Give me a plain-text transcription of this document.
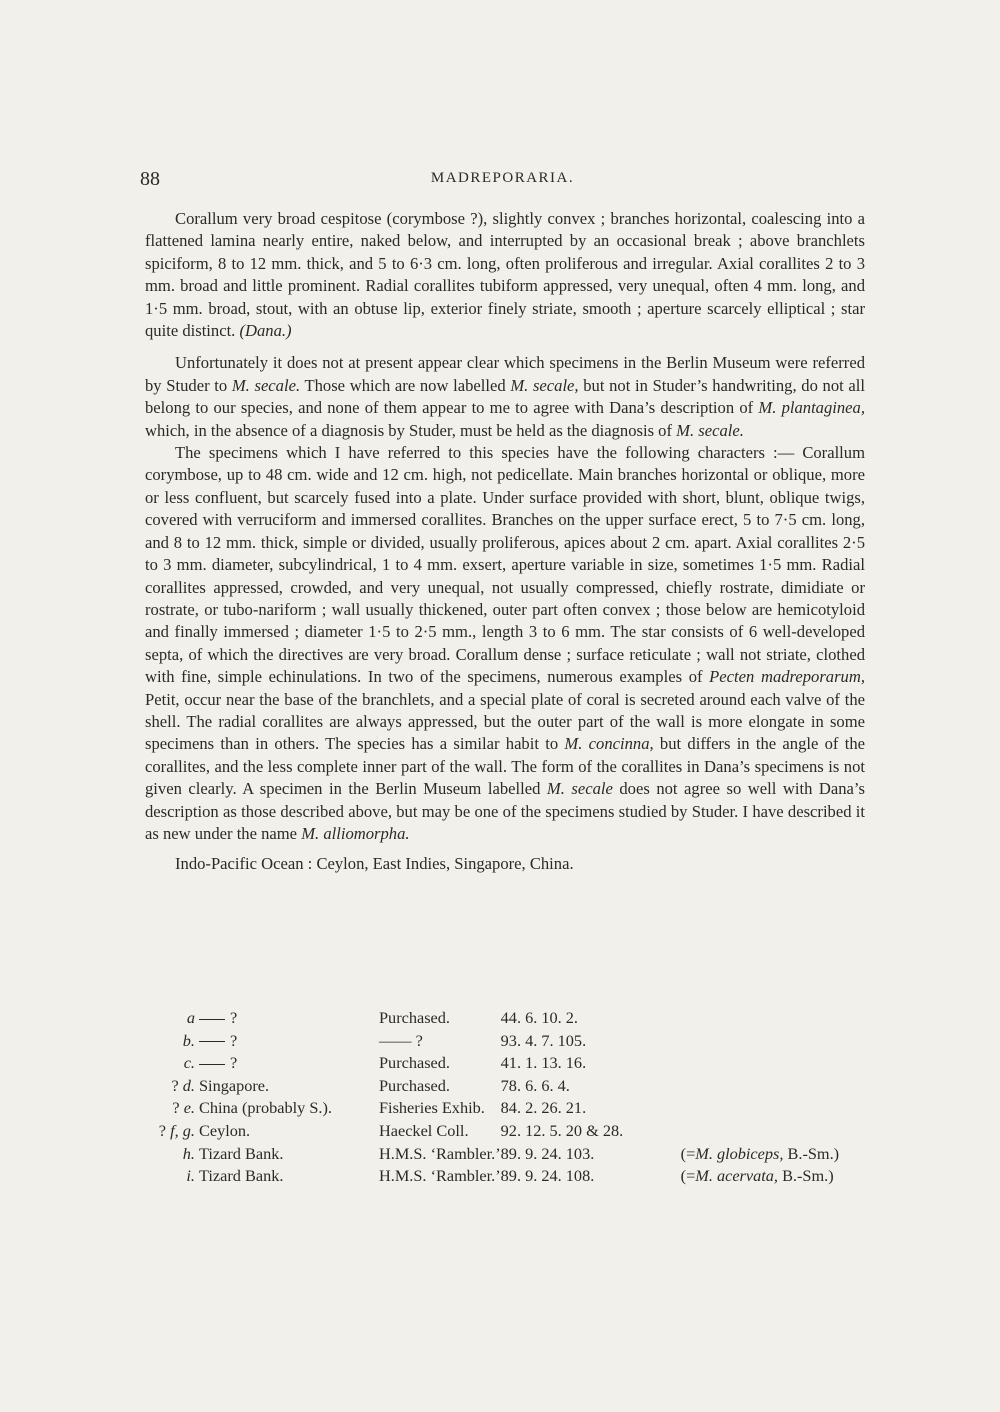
88	MADREPORARIA.

Corallum very broad cespitose (corymbose ?), slightly convex ; branches horizontal, coalescing into a flattened lamina nearly entire, naked below, and interrupted by an occasional break ; above branchlets spiciform, 8 to 12 mm. thick, and 5 to 6·3 cm. long, often proliferous and irregular. Axial corallites 2 to 3 mm. broad and little prominent. Radial corallites tubiform appressed, very unequal, often 4 mm. long, and 1·5 mm. broad, stout, with an obtuse lip, exterior finely striate, smooth ; aperture scarcely elliptical ; star quite distinct. (Dana.)

Unfortunately it does not at present appear clear which specimens in the Berlin Museum were referred by Studer to M. secale. Those which are now labelled M. secale, but not in Studer’s handwriting, do not all belong to our species, and none of them appear to me to agree with Dana’s description of M. plantaginea, which, in the absence of a diagnosis by Studer, must be held as the diagnosis of M. secale.

The specimens which I have referred to this species have the following characters :— Corallum corymbose, up to 48 cm. wide and 12 cm. high, not pedicellate. Main branches horizontal or oblique, more or less confluent, but scarcely fused into a plate. Under surface provided with short, blunt, oblique twigs, covered with verruciform and immersed corallites. Branches on the upper surface erect, 5 to 7·5 cm. long, and 8 to 12 mm. thick, simple or divided, usually proliferous, apices about 2 cm. apart. Axial corallites 2·5 to 3 mm. diameter, subcylindrical, 1 to 4 mm. exsert, aperture variable in size, sometimes 1·5 mm. Radial corallites appressed, crowded, and very unequal, not usually compressed, chiefly rostrate, dimidiate or rostrate, or tubo-nariform ; wall usually thickened, outer part often convex ; those below are hemicotyloid and finally immersed ; diameter 1·5 to 2·5 mm., length 3 to 6 mm. The star consists of 6 well-developed septa, of which the directives are very broad. Corallum dense ; surface reticulate ; wall not striate, clothed with fine, simple echinulations. In two of the specimens, numerous examples of Pecten madreporarum, Petit, occur near the base of the branchlets, and a special plate of coral is secreted around each valve of the shell. The radial corallites are always appressed, but the outer part of the wall is more elongate in some specimens than in others. The species has a similar habit to M. concinna, but differs in the angle of the corallites, and the less complete inner part of the wall. The form of the corallites in Dana’s specimens is not given clearly. A specimen in the Berlin Museum labelled M. secale does not agree so well with Dana’s description as those described above, but may be one of the specimens studied by Studer. I have described it as new under the name M. alliomorpha.

Indo-Pacific Ocean : Ceylon, East Indies, Singapore, China.

a	?	Purchased.	44. 6. 10. 2.	
b.	?	—— ?	93. 4. 7. 105.	
c.	?	Purchased.	41. 1. 13. 16.	
? d.	Singapore.	Purchased.	78. 6. 6. 4.	
? e.	China (probably S.).	Fisheries Exhib.	84. 2. 26. 21.	
? f, g.	Ceylon.	Haeckel Coll.	92. 12. 5. 20 & 28.	
h.	Tizard Bank.	H.M.S. ‘Rambler.’	89. 9. 24. 103.	(=M. globiceps, B.-Sm.)
i.	Tizard Bank.	H.M.S. ‘Rambler.’	89. 9. 24. 108.	(=M. acervata, B.-Sm.)
